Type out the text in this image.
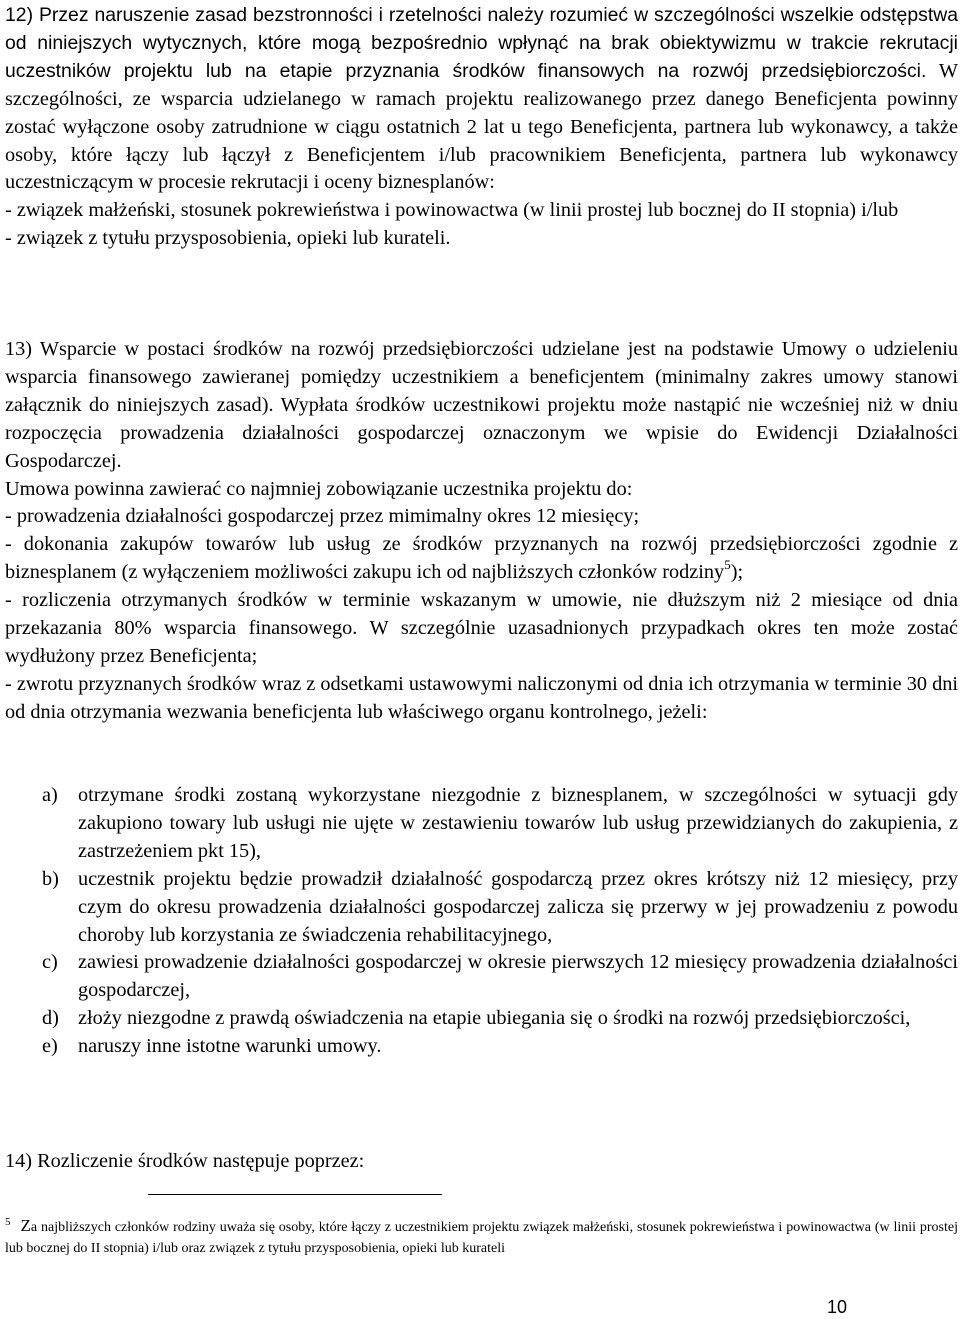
12) Przez naruszenie zasad bezstronności i rzetelności należy rozumieć w szczególności wszelkie odstępstwa od niniejszych wytycznych, które mogą bezpośrednio wpłynąć na brak obiektywizmu w trakcie rekrutacji uczestników projektu lub na etapie przyznania środków finansowych na rozwój przedsiębiorczości. W szczególności, ze wsparcia udzielanego w ramach projektu realizowanego przez danego Beneficjenta powinny zostać wyłączone osoby zatrudnione w ciągu ostatnich 2 lat u tego Beneficjenta, partnera lub wykonawcy, a także osoby, które łączy lub łączył z Beneficjentem i/lub pracownikiem Beneficjenta, partnera lub wykonawcy uczestniczącym w procesie rekrutacji i oceny biznesplanów:
- związek małżeński, stosunek pokrewieństwa i powinowactwa (w linii prostej lub bocznej do II stopnia) i/lub
- związek z tytułu przysposobienia, opieki lub kurateli.

13) Wsparcie w postaci środków na rozwój przedsiębiorczości udzielane jest na podstawie Umowy o udzieleniu wsparcia finansowego zawieranej pomiędzy uczestnikiem a beneficjentem (minimalny zakres umowy stanowi załącznik do niniejszych zasad). Wypłata środków uczestnikowi projektu może nastąpić nie wcześniej niż w dniu rozpoczęcia prowadzenia działalności gospodarczej oznaczonym we wpisie do Ewidencji Działalności Gospodarczej.
Umowa powinna zawierać co najmniej zobowiązanie uczestnika projektu do:
- prowadzenia działalności gospodarczej przez mimimalny okres 12 miesięcy;
- dokonania zakupów towarów lub usług ze środków przyznanych na rozwój przedsiębiorczości zgodnie z biznesplanem (z wyłączeniem możliwości zakupu ich od najbliższych członków rodziny$^5$);
- rozliczenia otrzymanych środków w terminie wskazanym w umowie, nie dłuższym niż 2 miesiące od dnia przekazania 80% wsparcia finansowego. W szczególnie uzasadnionych przypadkach okres ten może zostać wydłużony przez Beneficjenta;
- zwrotu przyznanych środków wraz z odsetkami ustawowymi naliczonymi od dnia ich otrzymania w terminie 30 dni od dnia otrzymania wezwania beneficjenta lub właściwego organu kontrolnego, jeżeli:

a) otrzymane środki zostaną wykorzystane niezgodnie z biznesplanem, w szczególności w sytuacji gdy zakupiono towary lub usługi nie ujęte w zestawieniu towarów lub usług przewidzianych do zakupienia, z zastrzeżeniem pkt 15),
b) uczestnik projektu będzie prowadził działalność gospodarczą przez okres krótszy niż 12 miesięcy, przy czym do okresu prowadzenia działalności gospodarczej zalicza się przerwy w jej prowadzeniu z powodu choroby lub korzystania ze świadczenia rehabilitacyjnego,
c) zawiesi prowadzenie działalności gospodarczej w okresie pierwszych 12 miesięcy prowadzenia działalności gospodarczej,
d) złoży niezgodne z prawdą oświadczenia na etapie ubiegania się o środki na rozwój przedsiębiorczości,
e) naruszy inne istotne warunki umowy.

14) Rozliczenie środków następuje poprzez:

$^5$ Za najbliższych członków rodziny uważa się osoby, które łączy z uczestnikiem projektu związek małżeński, stosunek pokrewieństwa i powinowactwa (w linii prostej lub bocznej do II stopnia) i/lub oraz związek z tytułu przysposobienia, opieki lub kurateli

10
